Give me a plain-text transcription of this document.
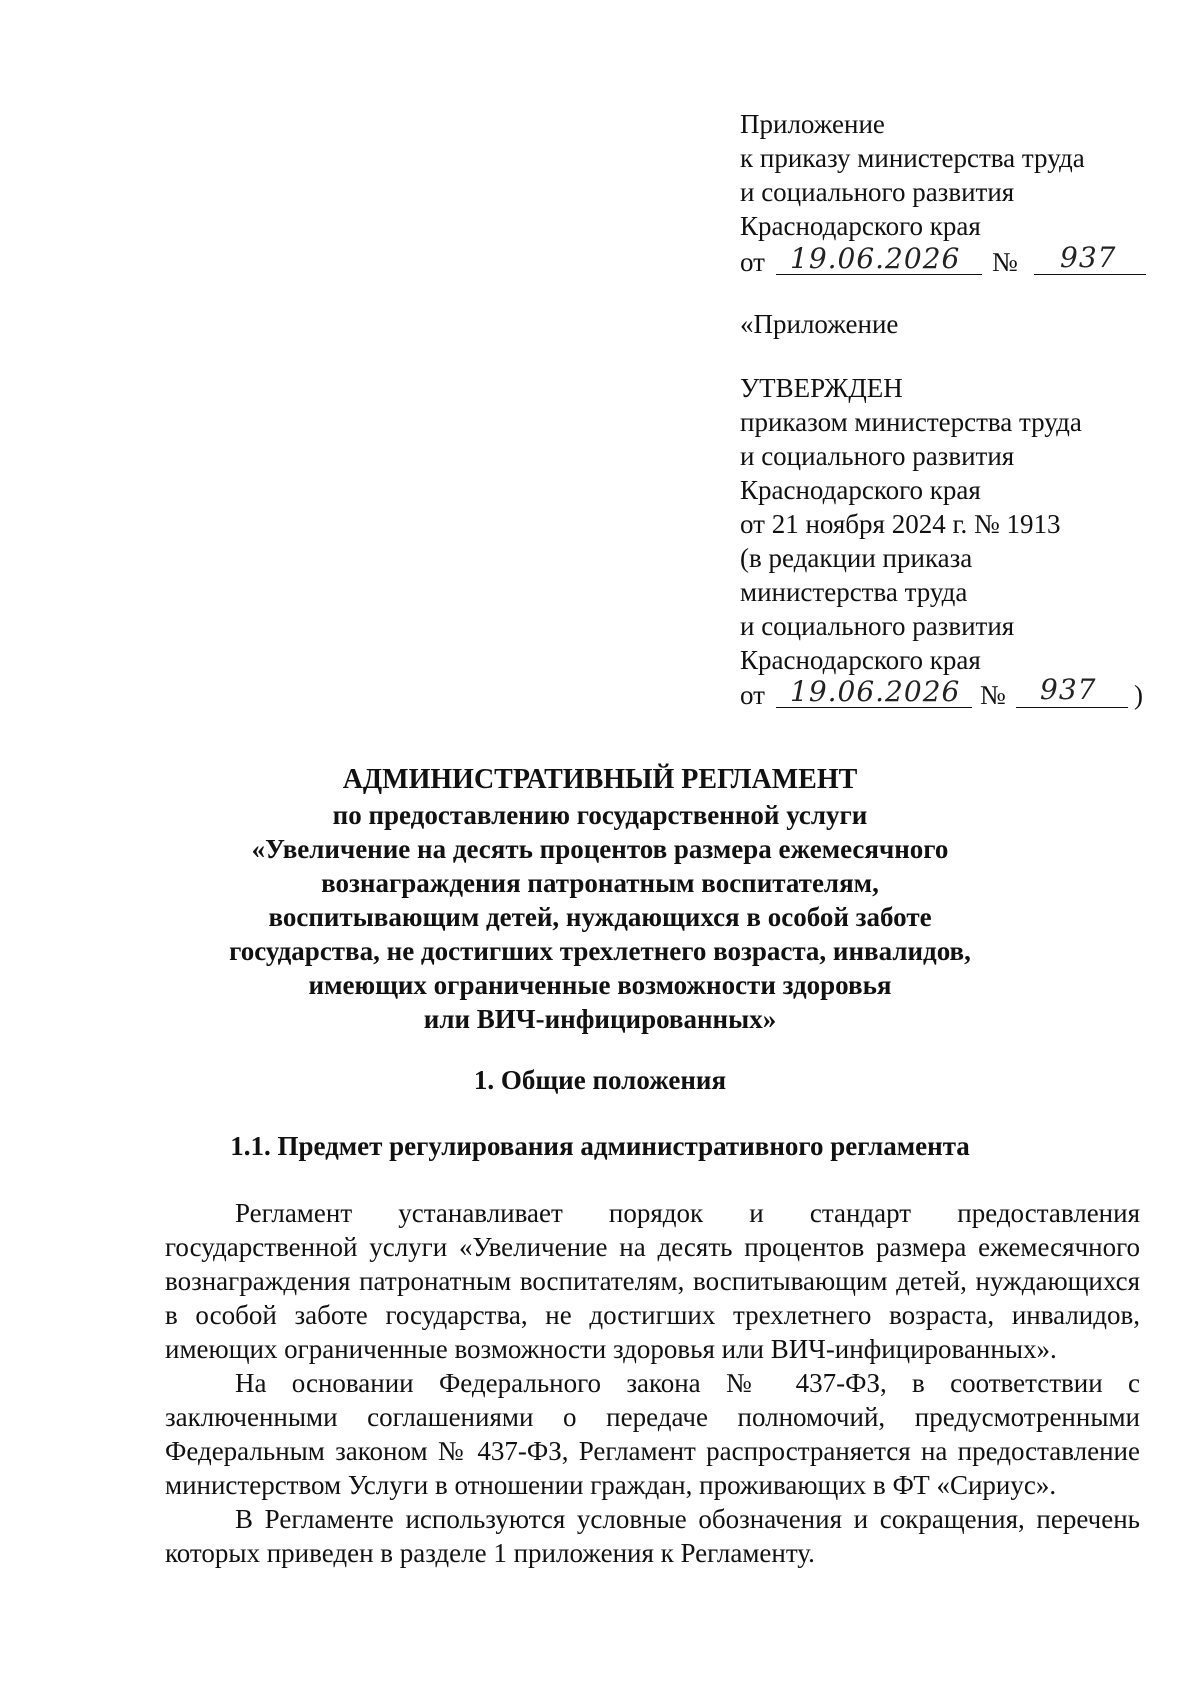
Приложение
к приказу министерства труда
и социального развития
Краснодарского края
от 19.06.2026 № 937
«Приложение
УТВЕРЖДЕН
приказом министерства труда
и социального развития
Краснодарского края
от 21 ноября 2024 г. № 1913
(в редакции приказа
министерства труда
и социального развития
Краснодарского края
от 19.06.2026 № 937 )
АДМИНИСТРАТИВНЫЙ РЕГЛАМЕНТ
по предоставлению государственной услуги
«Увеличение на десять процентов размера ежемесячного
вознаграждения патронатным воспитателям,
воспитывающим детей, нуждающихся в особой заботе
государства, не достигших трехлетнего возраста, инвалидов,
имеющих ограниченные возможности здоровья
или ВИЧ-инфицированных»
1. Общие положения
1.1. Предмет регулирования административного регламента

Регламент устанавливает порядок и стандарт предоставления государственной услуги «Увеличение на десять процентов размера ежемесячного вознаграждения патронатным воспитателям, воспитывающим детей, нуждающихся в особой заботе государства, не достигших трехлетнего возраста, инвалидов, имеющих ограниченные возможности здоровья или ВИЧ-инфицированных».

На основании Федерального закона № 437-ФЗ, в соответствии с заключенными соглашениями о передаче полномочий, предусмотренными Федеральным законом № 437-ФЗ, Регламент распространяется на предоставление министерством Услуги в отношении граждан, проживающих в ФТ «Сириус».

В Регламенте используются условные обозначения и сокращения, перечень которых приведен в разделе 1 приложения к Регламенту.
